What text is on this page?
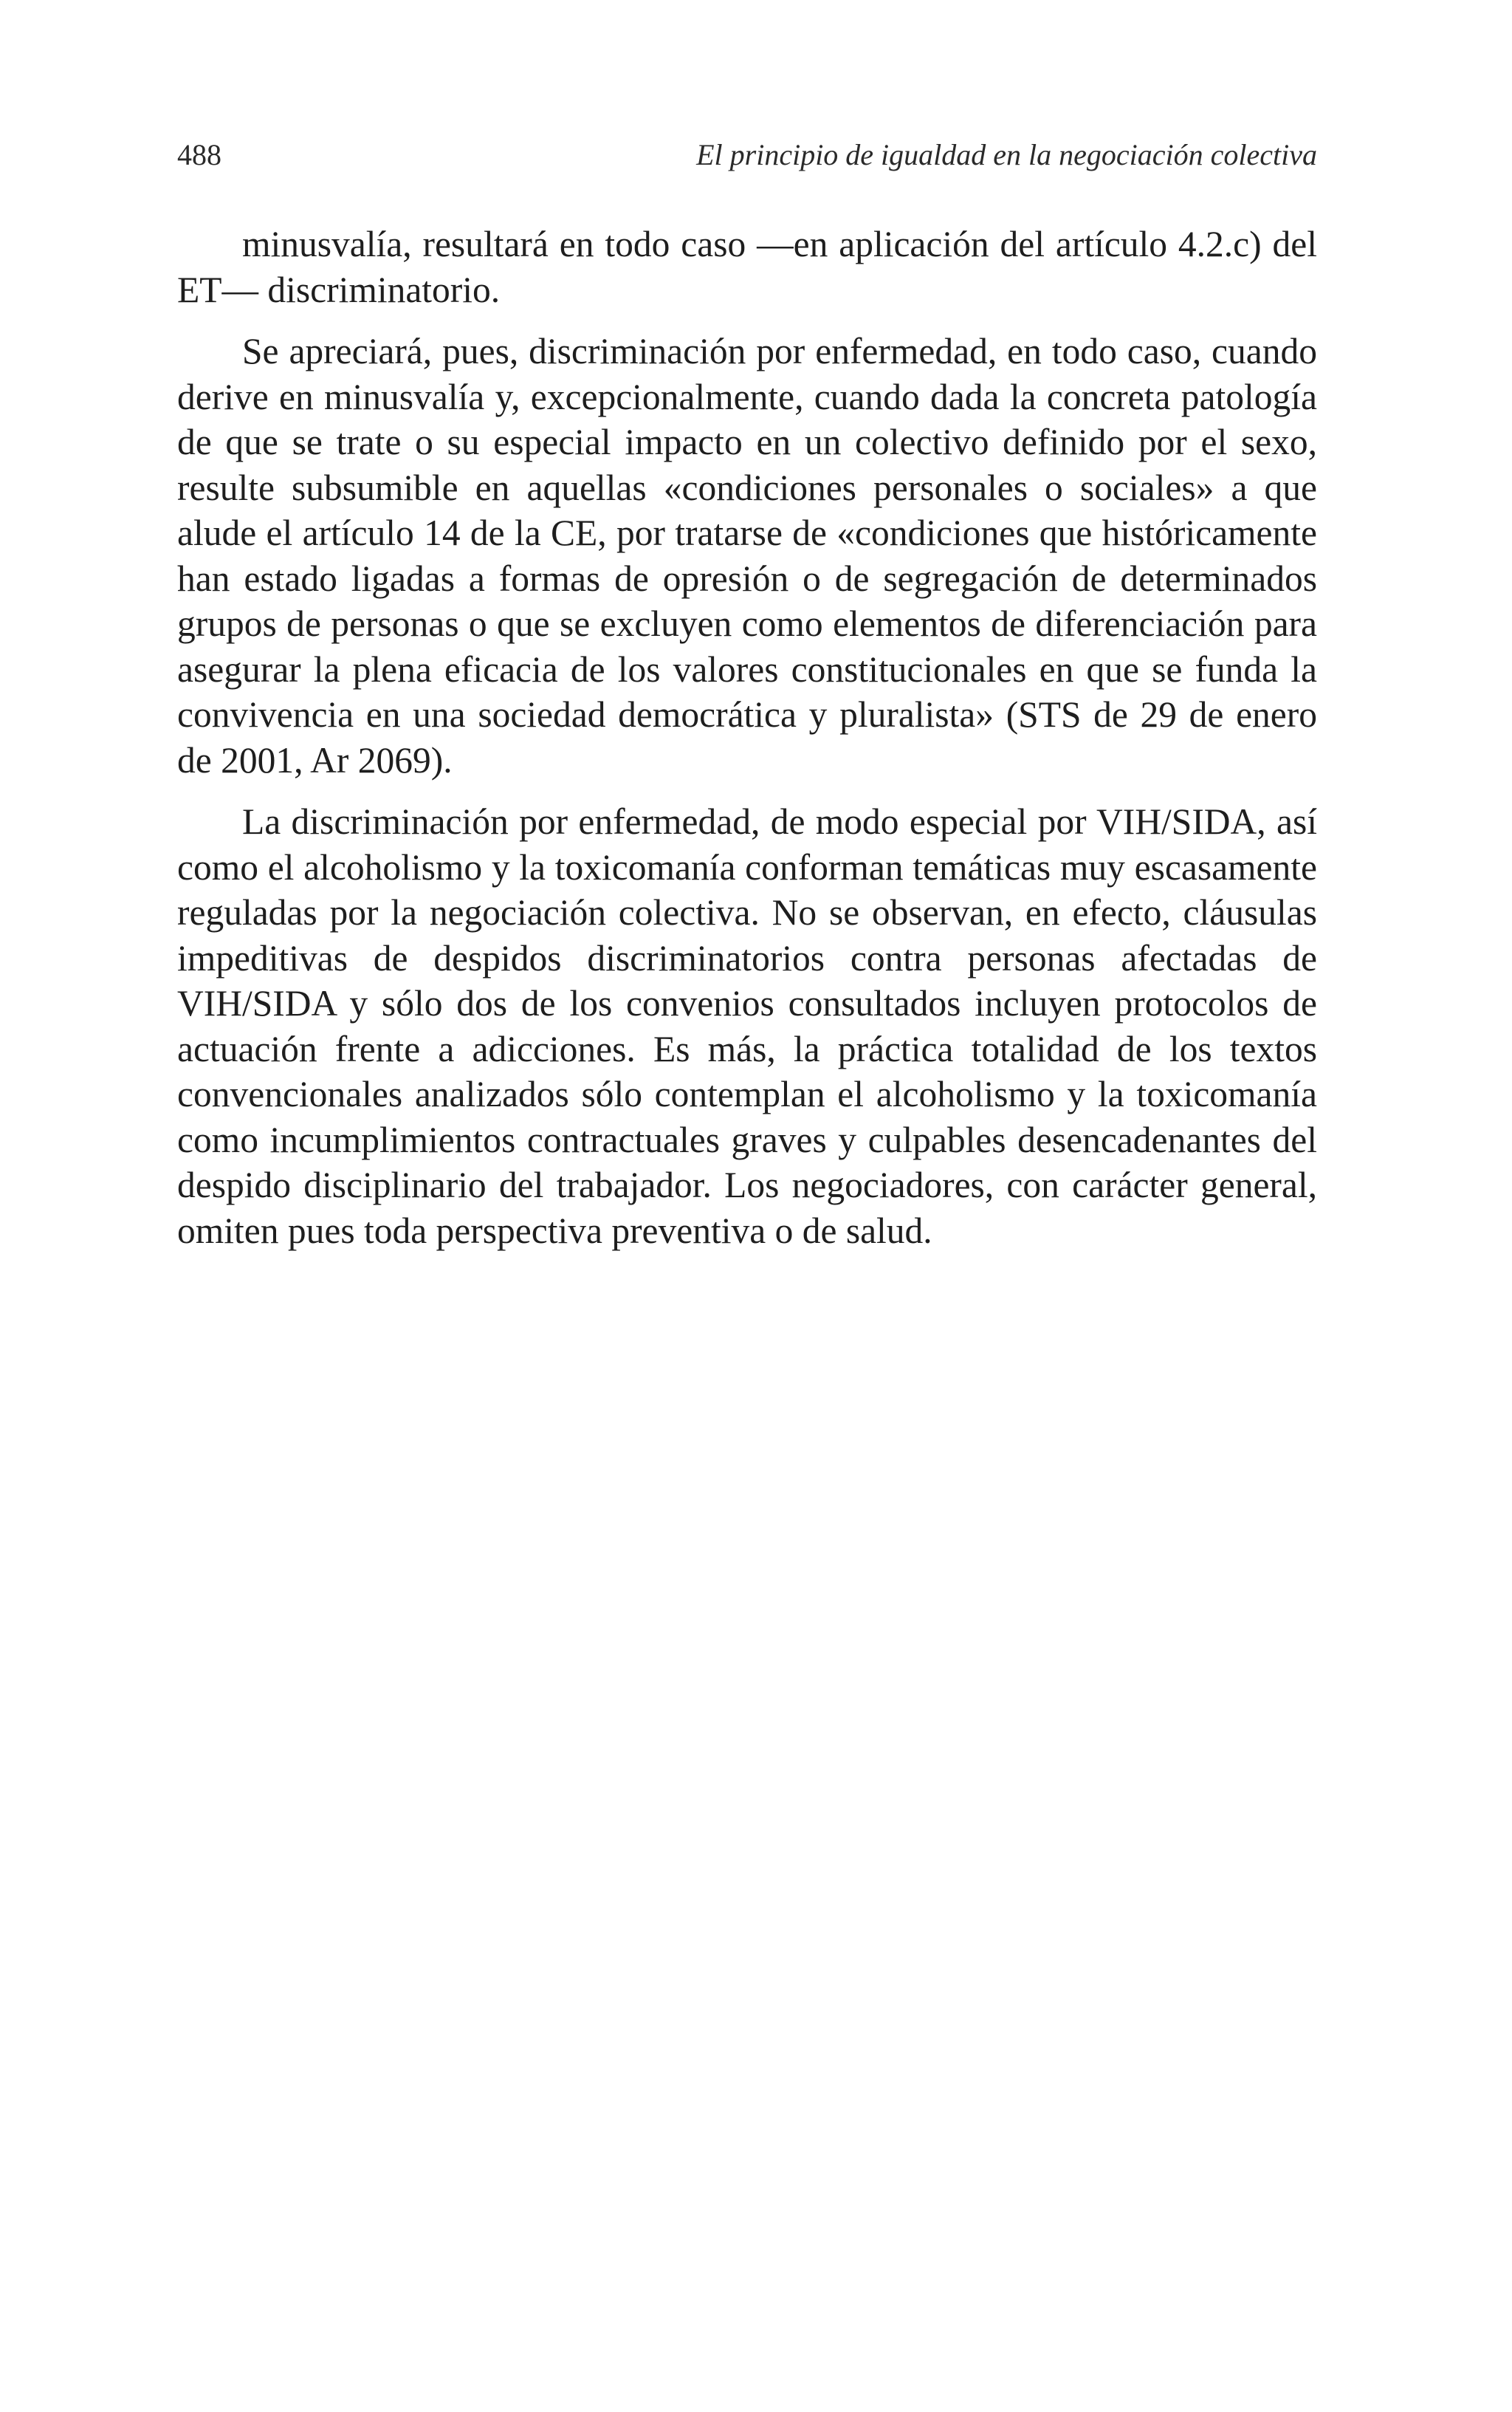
488	El principio de igualdad en la negociación colectiva

minusvalía, resultará en todo caso —en aplicación del artículo 4.2.c) del ET— discriminatorio.

Se apreciará, pues, discriminación por enfermedad, en todo caso, cuando derive en minusvalía y, excepcionalmente, cuando dada la concreta patología de que se trate o su especial impacto en un colectivo definido por el sexo, resulte subsumible en aquellas «condiciones personales o sociales» a que alude el artículo 14 de la CE, por tratarse de «condiciones que históricamente han estado ligadas a formas de opresión o de segregación de determinados grupos de personas o que se excluyen como elementos de diferenciación para asegurar la plena eficacia de los valores constitucionales en que se funda la convivencia en una sociedad democrática y pluralista» (STS de 29 de enero de 2001, Ar 2069).

La discriminación por enfermedad, de modo especial por VIH/SIDA, así como el alcoholismo y la toxicomanía conforman temáticas muy escasamente reguladas por la negociación colectiva. No se observan, en efecto, cláusulas impeditivas de despidos discriminatorios contra personas afectadas de VIH/SIDA y sólo dos de los convenios consultados incluyen protocolos de actuación frente a adicciones. Es más, la práctica totalidad de los textos convencionales analizados sólo contemplan el alcoholismo y la toxicomanía como incumplimientos contractuales graves y culpables desencadenantes del despido disciplinario del trabajador. Los negociadores, con carácter general, omiten pues toda perspectiva preventiva o de salud.
